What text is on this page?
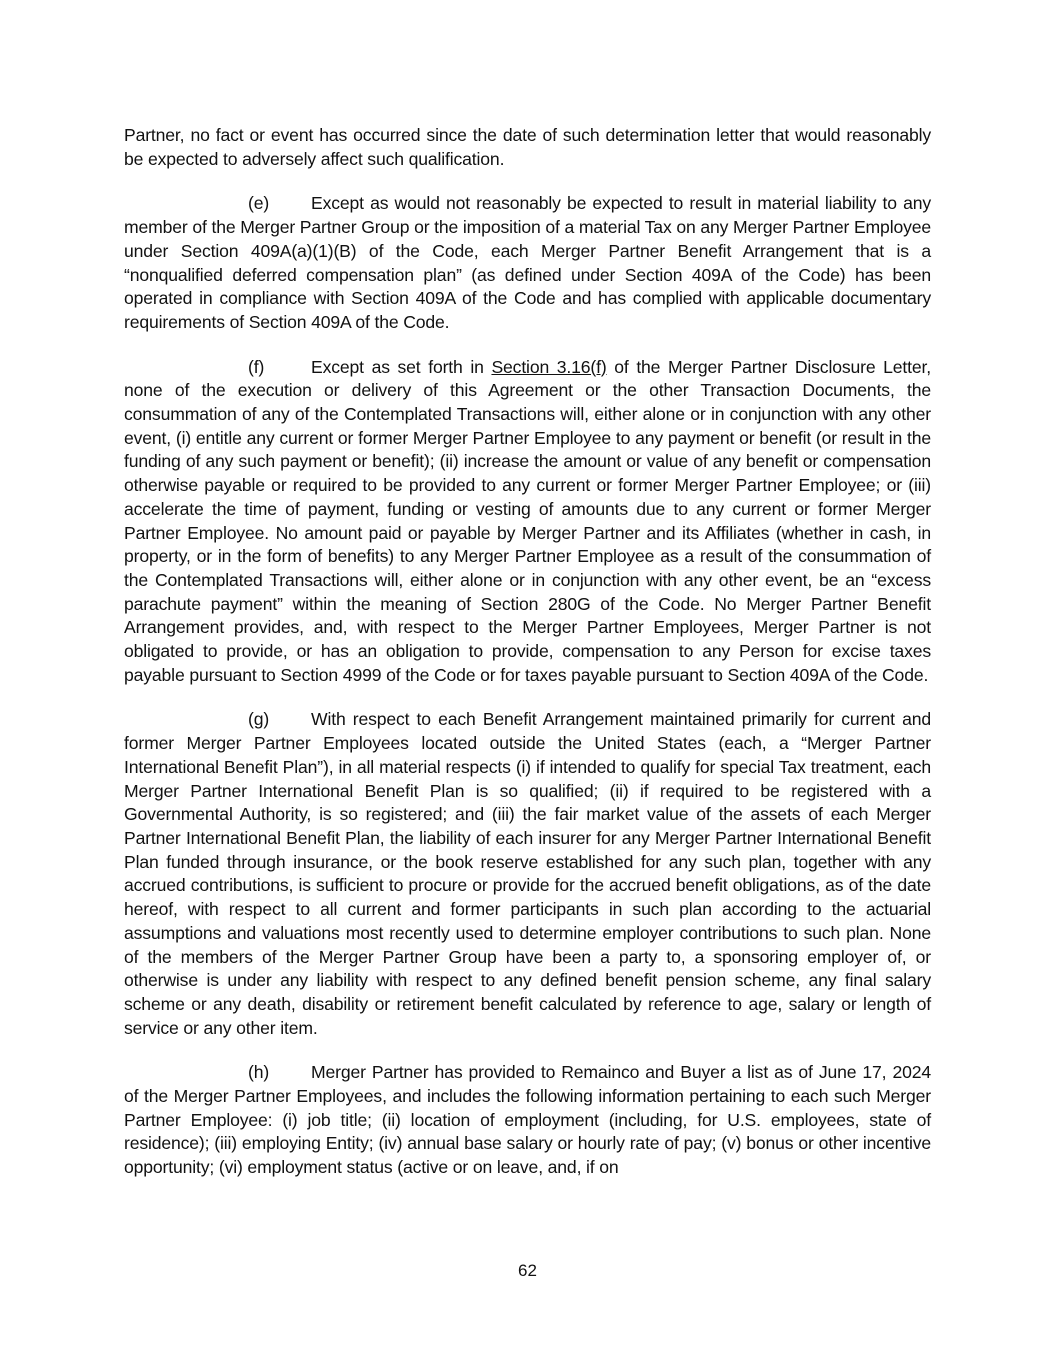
Partner, no fact or event has occurred since the date of such determination letter that would reasonably be expected to adversely affect such qualification.

(e) Except as would not reasonably be expected to result in material liability to any member of the Merger Partner Group or the imposition of a material Tax on any Merger Partner Employee under Section 409A(a)(1)(B) of the Code, each Merger Partner Benefit Arrangement that is a “nonqualified deferred compensation plan” (as defined under Section 409A of the Code) has been operated in compliance with Section 409A of the Code and has complied with applicable documentary requirements of Section 409A of the Code.

(f)	Except as set forth in Section 3.16(f) of the Merger Partner Disclosure Letter, none of the execution or delivery of this Agreement or the other Transaction Documents, the consummation of any of the Contemplated Transactions will, either alone or in conjunction with any other event, (i) entitle any current or former Merger Partner Employee to any payment or benefit (or result in the funding of any such payment or benefit); (ii) increase the amount or value of any benefit or compensation otherwise payable or required to be provided to any current or former Merger Partner Employee; or (iii) accelerate the time of payment, funding or vesting of amounts due to any current or former Merger Partner Employee. No amount paid or payable by Merger Partner and its Affiliates (whether in cash, in property, or in the form of benefits) to any Merger Partner Employee as a result of the consummation of the Contemplated Transactions will, either alone or in conjunction with any other event, be an “excess parachute payment” within the meaning of Section 280G of the Code. No Merger Partner Benefit Arrangement provides, and, with respect to the Merger Partner Employees, Merger Partner is not obligated to provide, or has an obligation to provide, compensation to any Person for excise taxes payable pursuant to Section 4999 of the Code or for taxes payable pursuant to Section 409A of the Code.

(g) With respect to each Benefit Arrangement maintained primarily for current and former Merger Partner Employees located outside the United States (each, a “Merger Partner International Benefit Plan”), in all material respects (i) if intended to qualify for special Tax treatment, each Merger Partner International Benefit Plan is so qualified; (ii) if required to be registered with a Governmental Authority, is so registered; and (iii) the fair market value of the assets of each Merger Partner International Benefit Plan, the liability of each insurer for any Merger Partner International Benefit Plan funded through insurance, or the book reserve established for any such plan, together with any accrued contributions, is sufficient to procure or provide for the accrued benefit obligations, as of the date hereof, with respect to all current and former participants in such plan according to the actuarial assumptions and valuations most recently used to determine employer contributions to such plan. None of the members of the Merger Partner Group have been a party to, a sponsoring employer of, or otherwise is under any liability with respect to any defined benefit pension scheme, any final salary scheme or any death, disability or retirement benefit calculated by reference to age, salary or length of service or any other item.

(h) Merger Partner has provided to Remainco and Buyer a list as of June 17, 2024 of the Merger Partner Employees, and includes the following information pertaining to each such Merger Partner Employee: (i) job title; (ii) location of employment (including, for U.S. employees, state of residence); (iii) employing Entity; (iv) annual base salary or hourly rate of pay; (v) bonus or other incentive opportunity; (vi) employment status (active or on leave, and, if on

62
